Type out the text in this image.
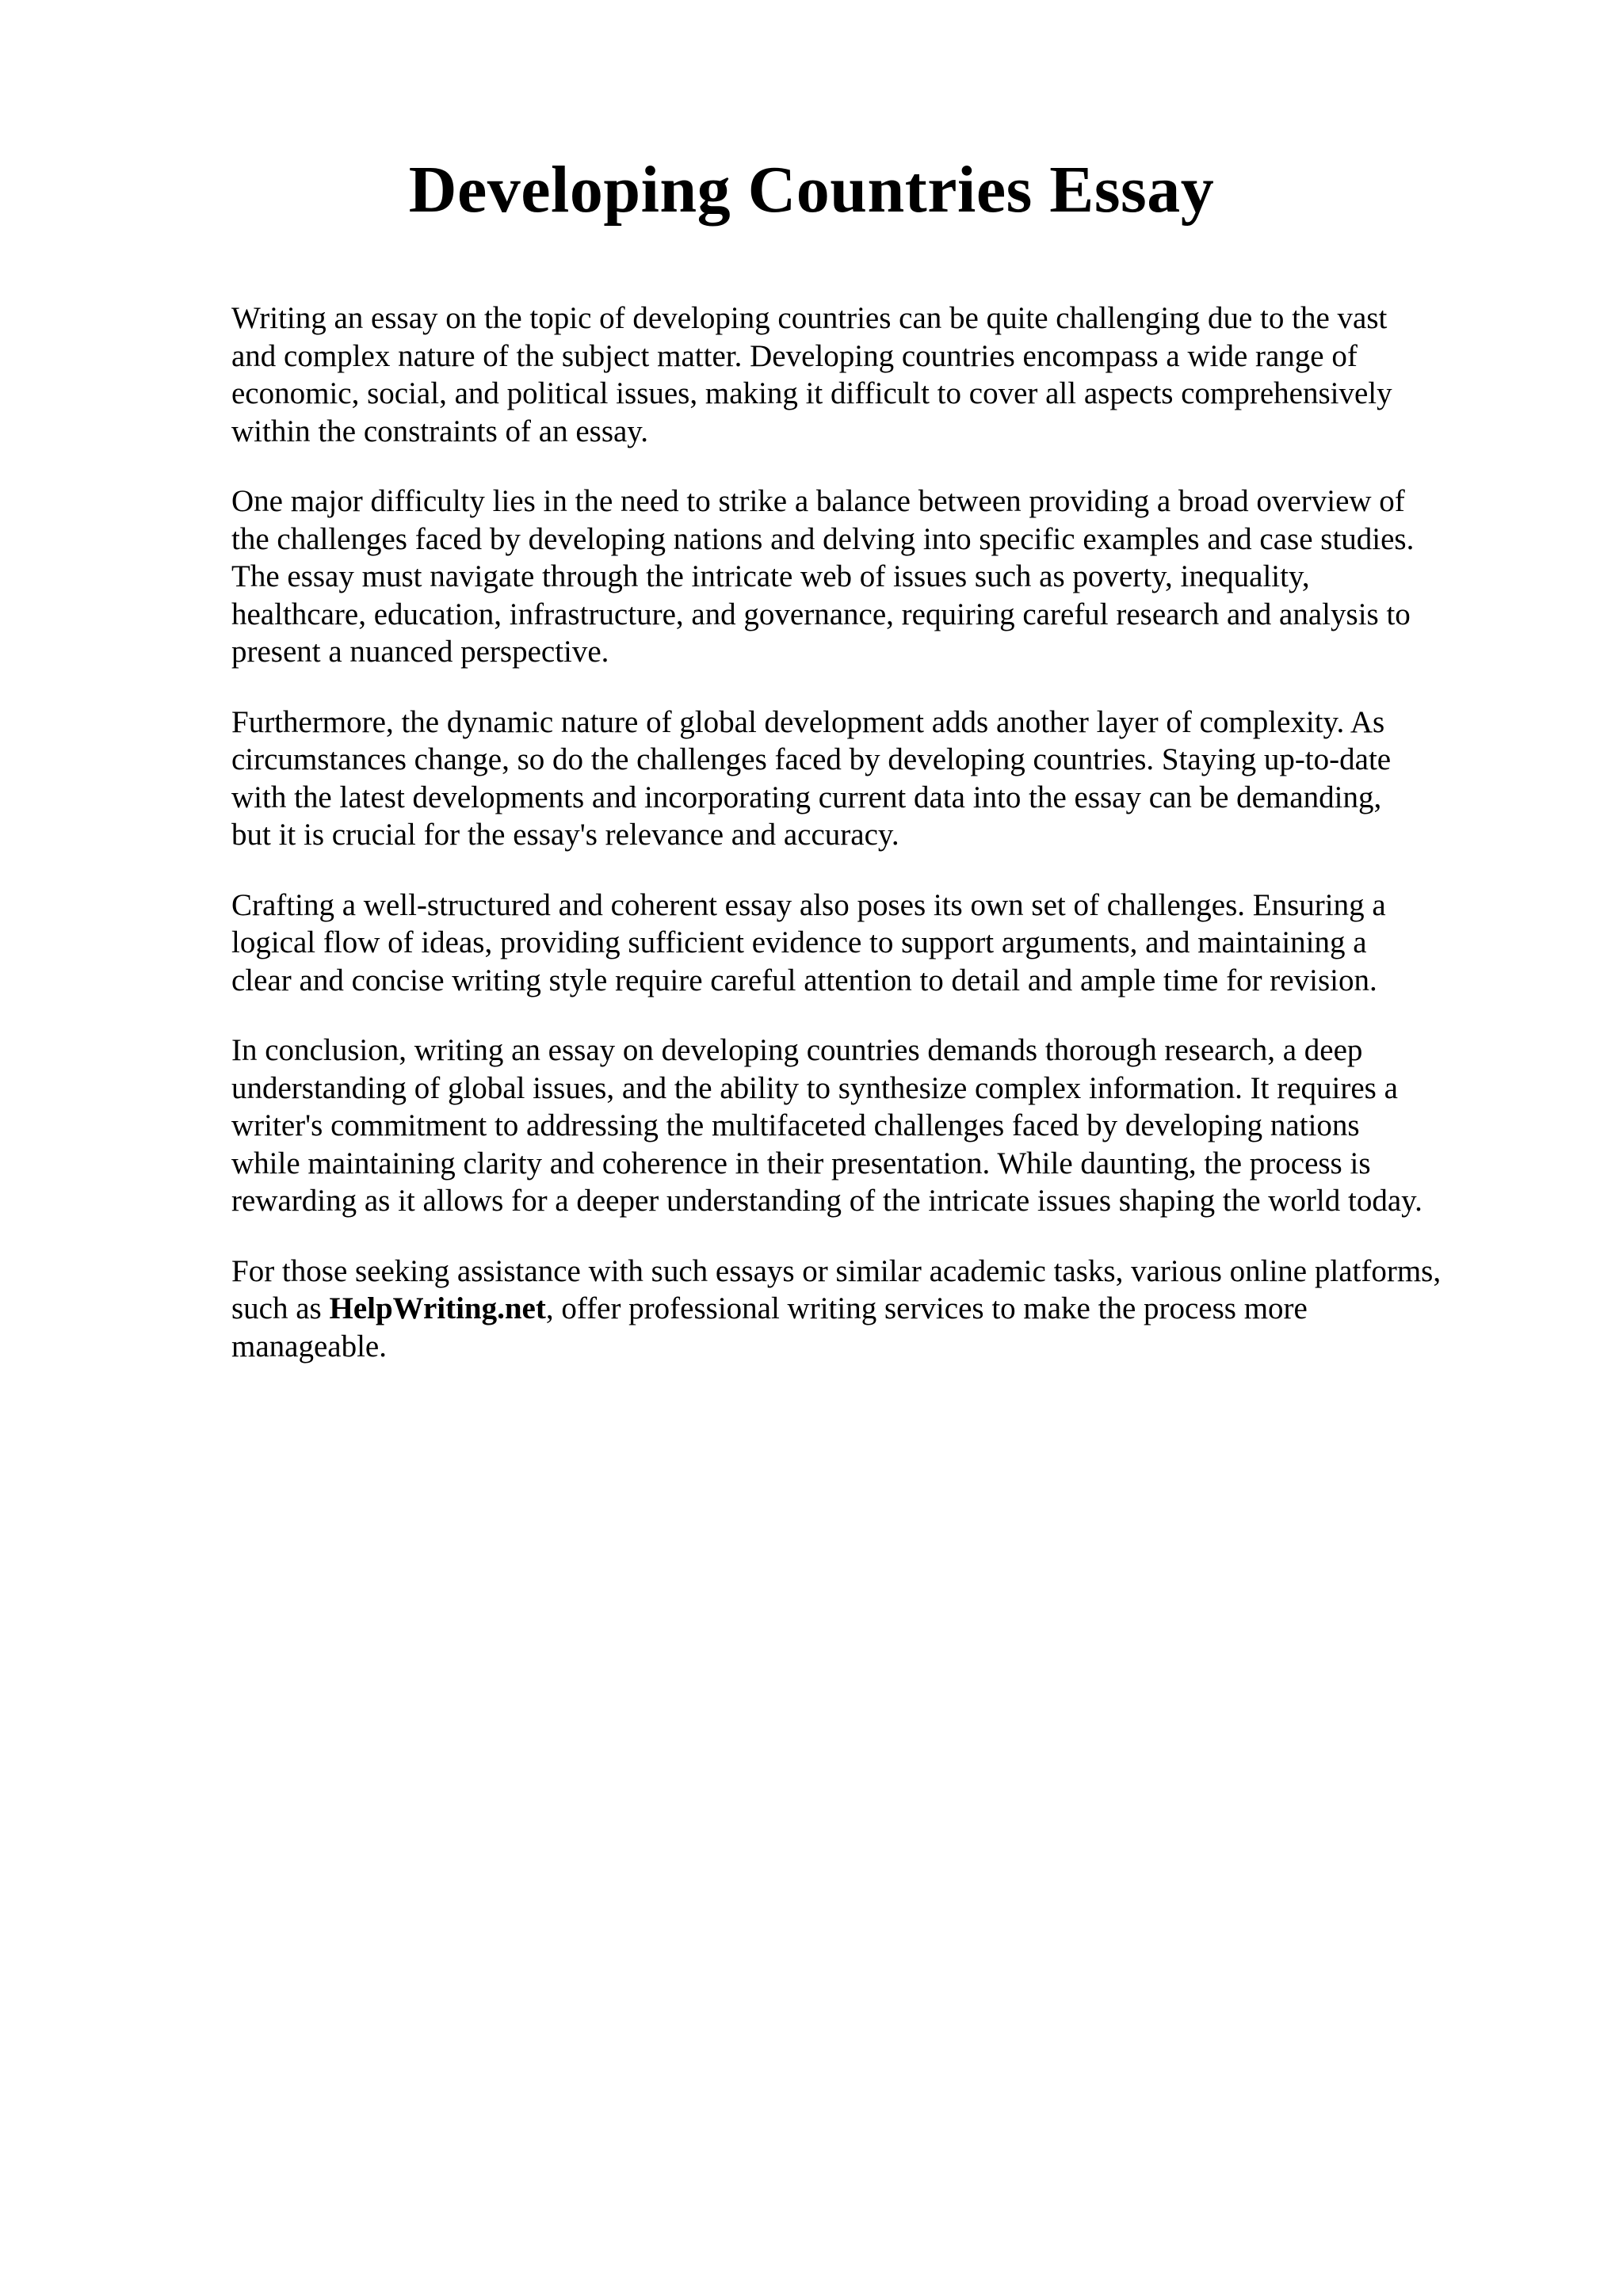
Developing Countries Essay

Writing an essay on the topic of developing countries can be quite challenging due to the vast
and complex nature of the subject matter. Developing countries encompass a wide range of
economic, social, and political issues, making it difficult to cover all aspects comprehensively
within the constraints of an essay.

One major difficulty lies in the need to strike a balance between providing a broad overview of
the challenges faced by developing nations and delving into specific examples and case studies.
The essay must navigate through the intricate web of issues such as poverty, inequality,
healthcare, education, infrastructure, and governance, requiring careful research and analysis to
present a nuanced perspective.

Furthermore, the dynamic nature of global development adds another layer of complexity. As
circumstances change, so do the challenges faced by developing countries. Staying up-to-date
with the latest developments and incorporating current data into the essay can be demanding,
but it is crucial for the essay's relevance and accuracy.

Crafting a well-structured and coherent essay also poses its own set of challenges. Ensuring a
logical flow of ideas, providing sufficient evidence to support arguments, and maintaining a
clear and concise writing style require careful attention to detail and ample time for revision.

In conclusion, writing an essay on developing countries demands thorough research, a deep
understanding of global issues, and the ability to synthesize complex information. It requires a
writer's commitment to addressing the multifaceted challenges faced by developing nations
while maintaining clarity and coherence in their presentation. While daunting, the process is
rewarding as it allows for a deeper understanding of the intricate issues shaping the world today.

For those seeking assistance with such essays or similar academic tasks, various online platforms,
such as HelpWriting.net, offer professional writing services to make the process more
manageable.
